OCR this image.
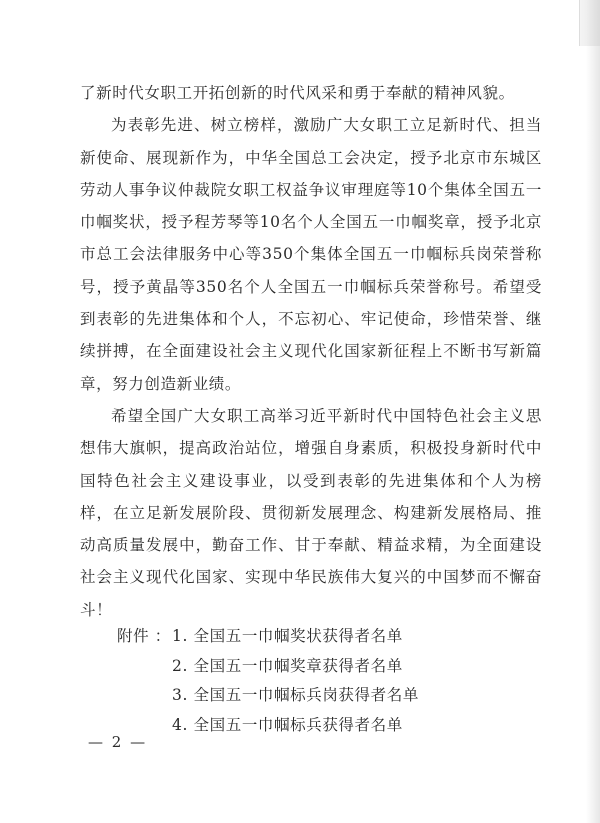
了新时代女职工开拓创新的时代风采和勇于奉献的精神风貌。

为表彰先进、树立榜样，激励广大女职工立足新时代、担当新使命、展现新作为，中华全国总工会决定，授予北京市东城区劳动人事争议仲裁院女职工权益争议审理庭等10个集体全国五一巾帼奖状，授予程芳琴等10名个人全国五一巾帼奖章，授予北京市总工会法律服务中心等350个集体全国五一巾帼标兵岗荣誉称号，授予黄晶等350名个人全国五一巾帼标兵荣誉称号。希望受到表彰的先进集体和个人，不忘初心、牢记使命，珍惜荣誉、继续拼搏，在全面建设社会主义现代化国家新征程上不断书写新篇章，努力创造新业绩。

希望全国广大女职工高举习近平新时代中国特色社会主义思想伟大旗帜，提高政治站位，增强自身素质，积极投身新时代中国特色社会主义建设事业，以受到表彰的先进集体和个人为榜样，在立足新发展阶段、贯彻新发展理念、构建新发展格局、推动高质量发展中，勤奋工作、甘于奉献、精益求精，为全面建设社会主义现代化国家、实现中华民族伟大复兴的中国梦而不懈奋斗！

附件 ：1. 全国五一巾帼奖状获得者名单
2. 全国五一巾帼奖章获得者名单
3. 全国五一巾帼标兵岗获得者名单
4. 全国五一巾帼标兵获得者名单
— 2 —
